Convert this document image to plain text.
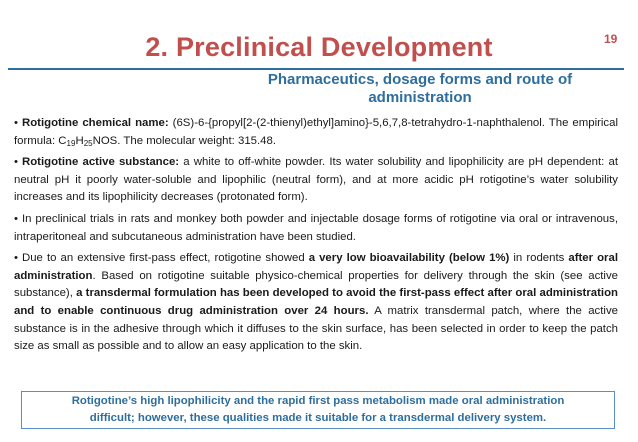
19
2. Preclinical Development
Pharmaceutics, dosage forms and route of
administration

• Rotigotine chemical name: (6S)-6-{propyl[2-(2-thienyl)ethyl]amino}-5,6,7,8-tetrahydro-1-naphthalenol. The empirical formula: $C_{19}H_{25}NOS$. The molecular weight: 315.48.

• Rotigotine active substance: a white to off-white powder. Its water solubility and lipophilicity are pH dependent: at neutral pH it poorly water-soluble and lipophilic (neutral form), and at more acidic pH rotigotine’s water solubility increases and its lipophilicity decreases (protonated form).

• In preclinical trials in rats and monkey both powder and injectable dosage forms of rotigotine via oral or intravenous, intraperitoneal and subcutaneous administration have been studied.

• Due to an extensive first-pass effect, rotigotine showed a very low bioavailability (below 1%) in rodents after oral administration. Based on rotigotine suitable physico-chemical properties for delivery through the skin (see active substance), a transdermal formulation has been developed to avoid the first-pass effect after oral administration and to enable continuous drug administration over 24 hours. A matrix transdermal patch, where the active substance is in the adhesive through which it diffuses to the skin surface, has been selected in order to keep the patch size as small as possible and to allow an easy application to the skin.

Rotigotine’s high lipophilicity and the rapid first pass metabolism made oral administration
difficult; however, these qualities made it suitable for a transdermal delivery system.
